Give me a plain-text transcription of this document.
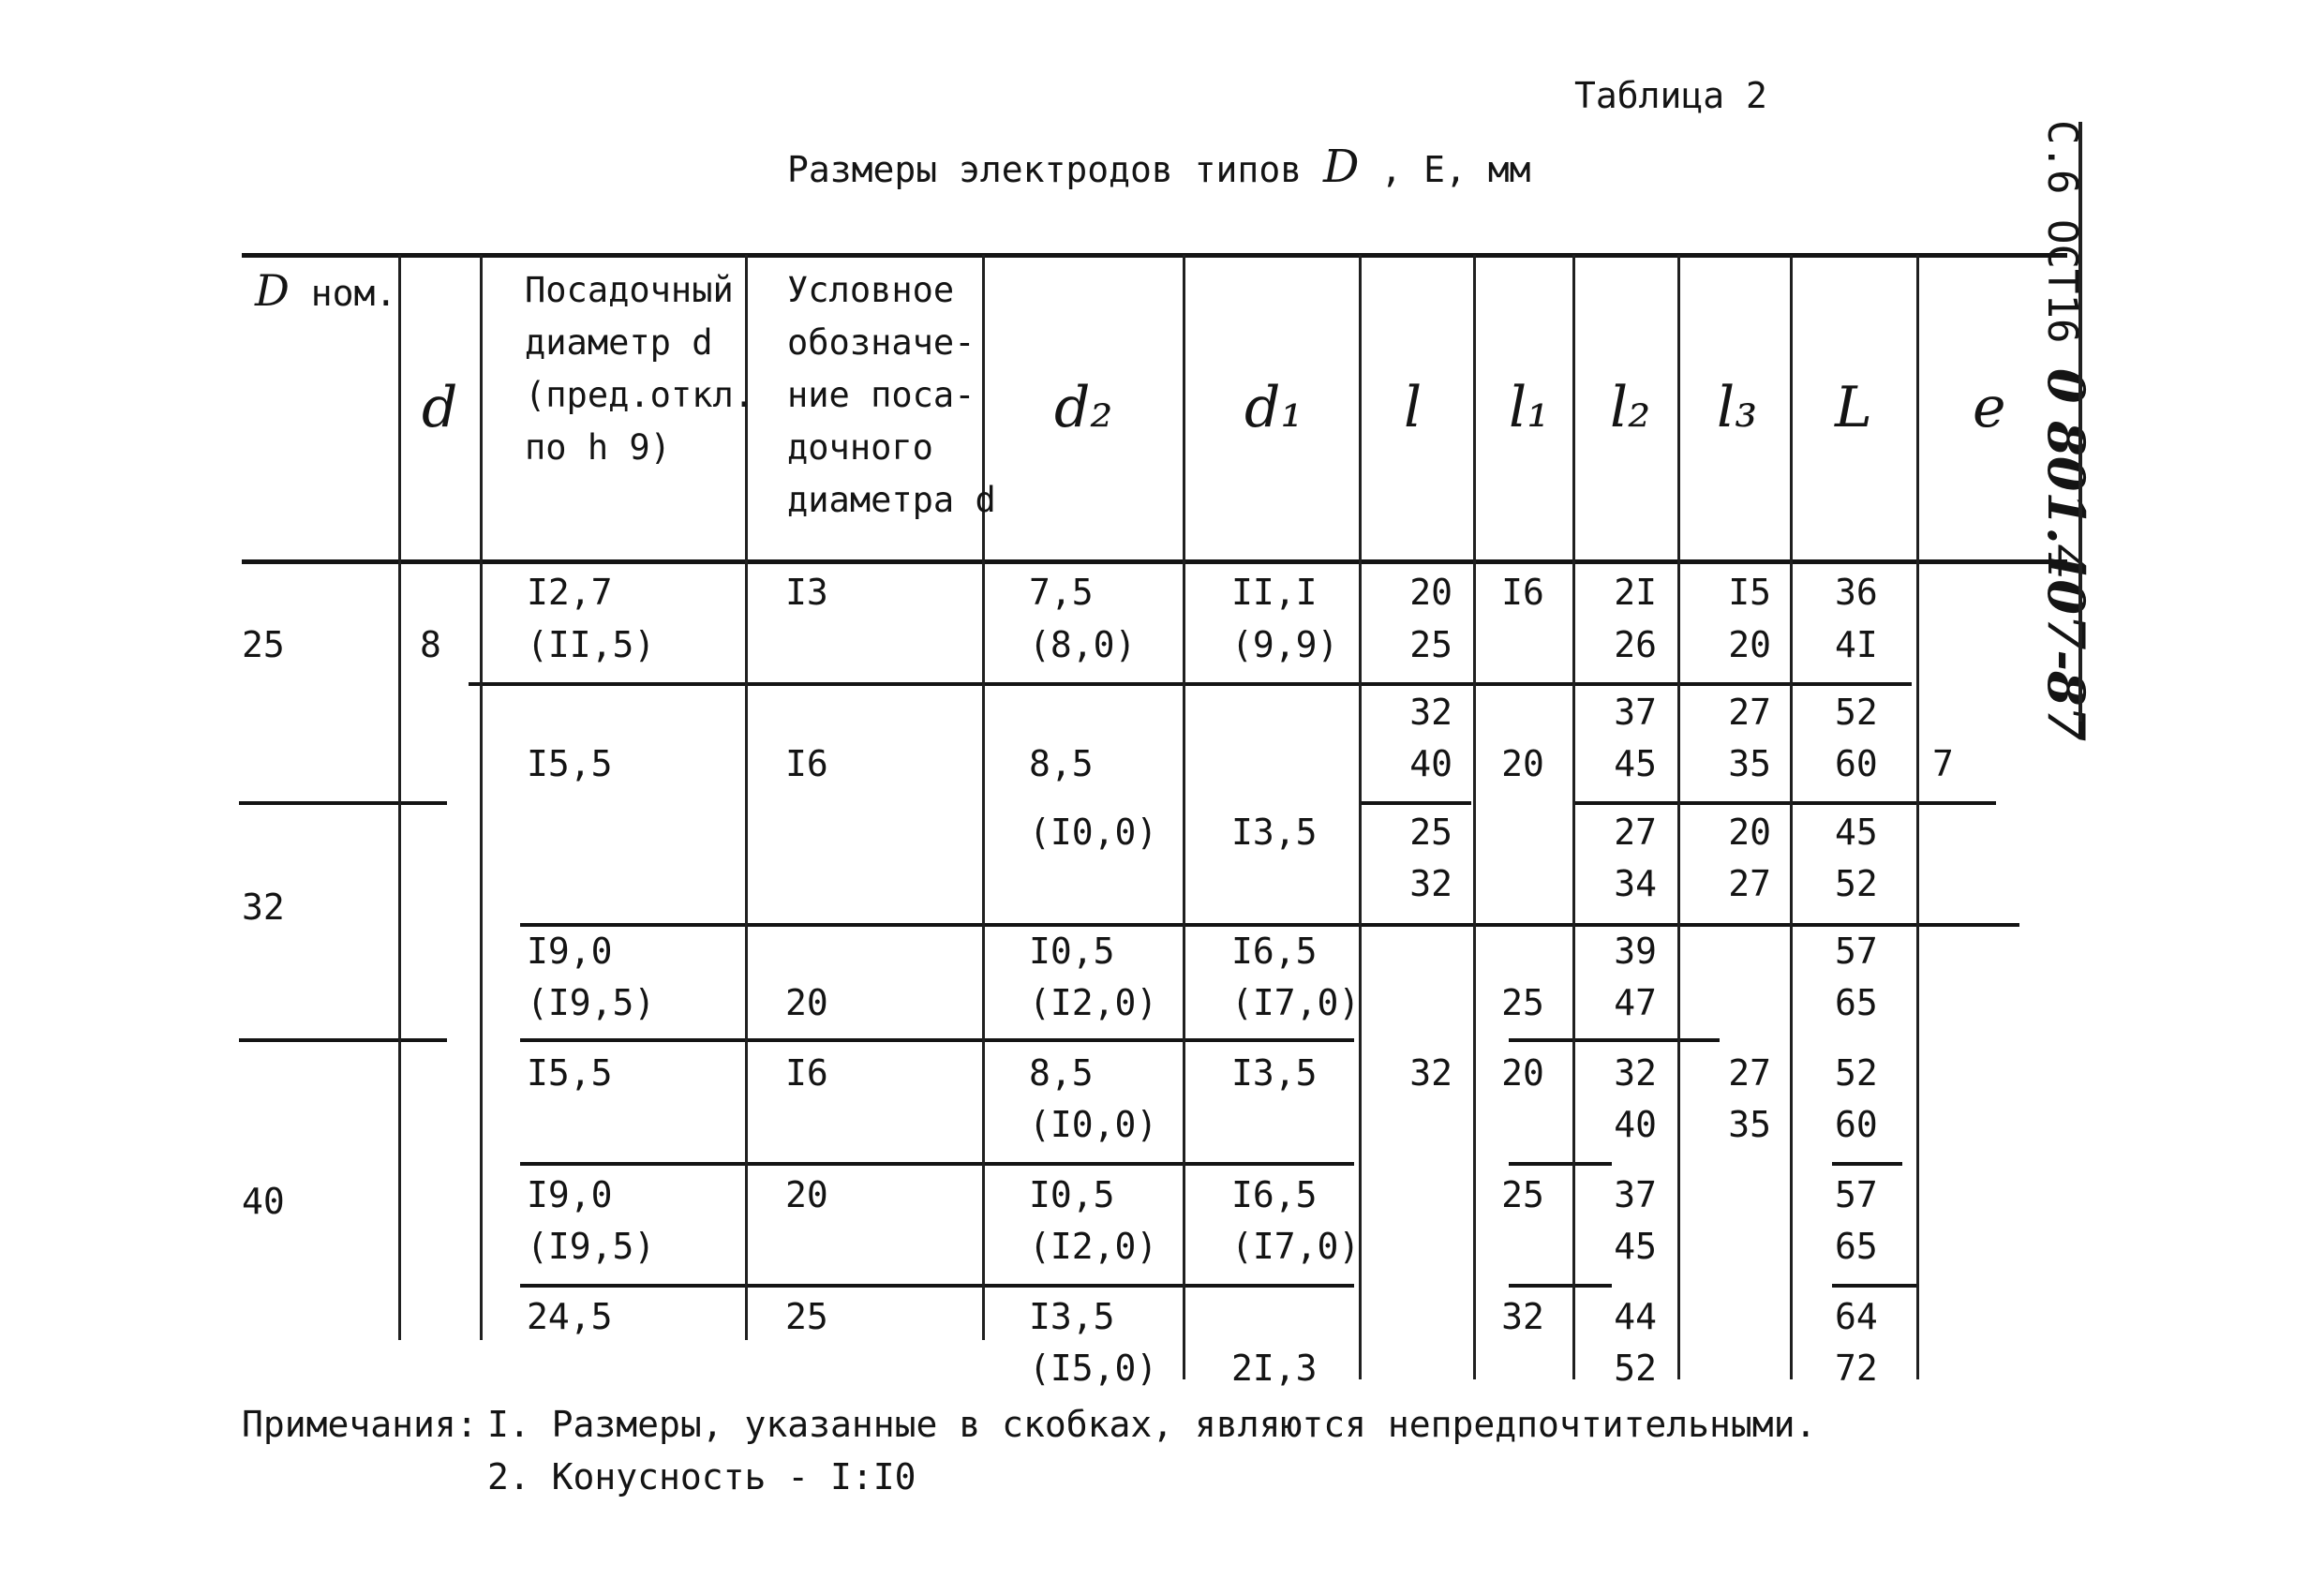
Таблица 2
Размеры электродов типов D , Е, мм	С.6 ОСТ16 0 801.407-87
D ном.
d
Посадочный
диаметр d
(пред.откл.
по h 9)
Условное
обозначе-
ние поса-
дочного
диаметра d
d₂ d₁ l l₁ l₂ l₃ L e
25
32
40
8
7
I2,7
(II,5)
I5,5
I9,0
(I9,5)
I5,5
I9,0
(I9,5)
24,5
I3
I6
20
I6
20
25
7,5
(8,0)
8,5
(I0,0)
I0,5
(I2,0)
8,5
(I0,0)
I0,5
(I2,0)
I3,5
(I5,0)
II,I
(9,9)
I3,5
I6,5
(I7,0)
I3,5
I6,5
(I7,0)
2I,3
20
25
32
40
25
32
32
I6
20
25
20
25
32
2I
26
37
45
27
34
39
47
32
40
37
45
44
52
I5
20
27
35
20
27
27
35
36
4I
52
60
45
52
57
65
52
60
57
65
64
72
Примечания: I. Размеры, указанные в скобках, являются непредпочтительными.
2. Конусность - I:I0
